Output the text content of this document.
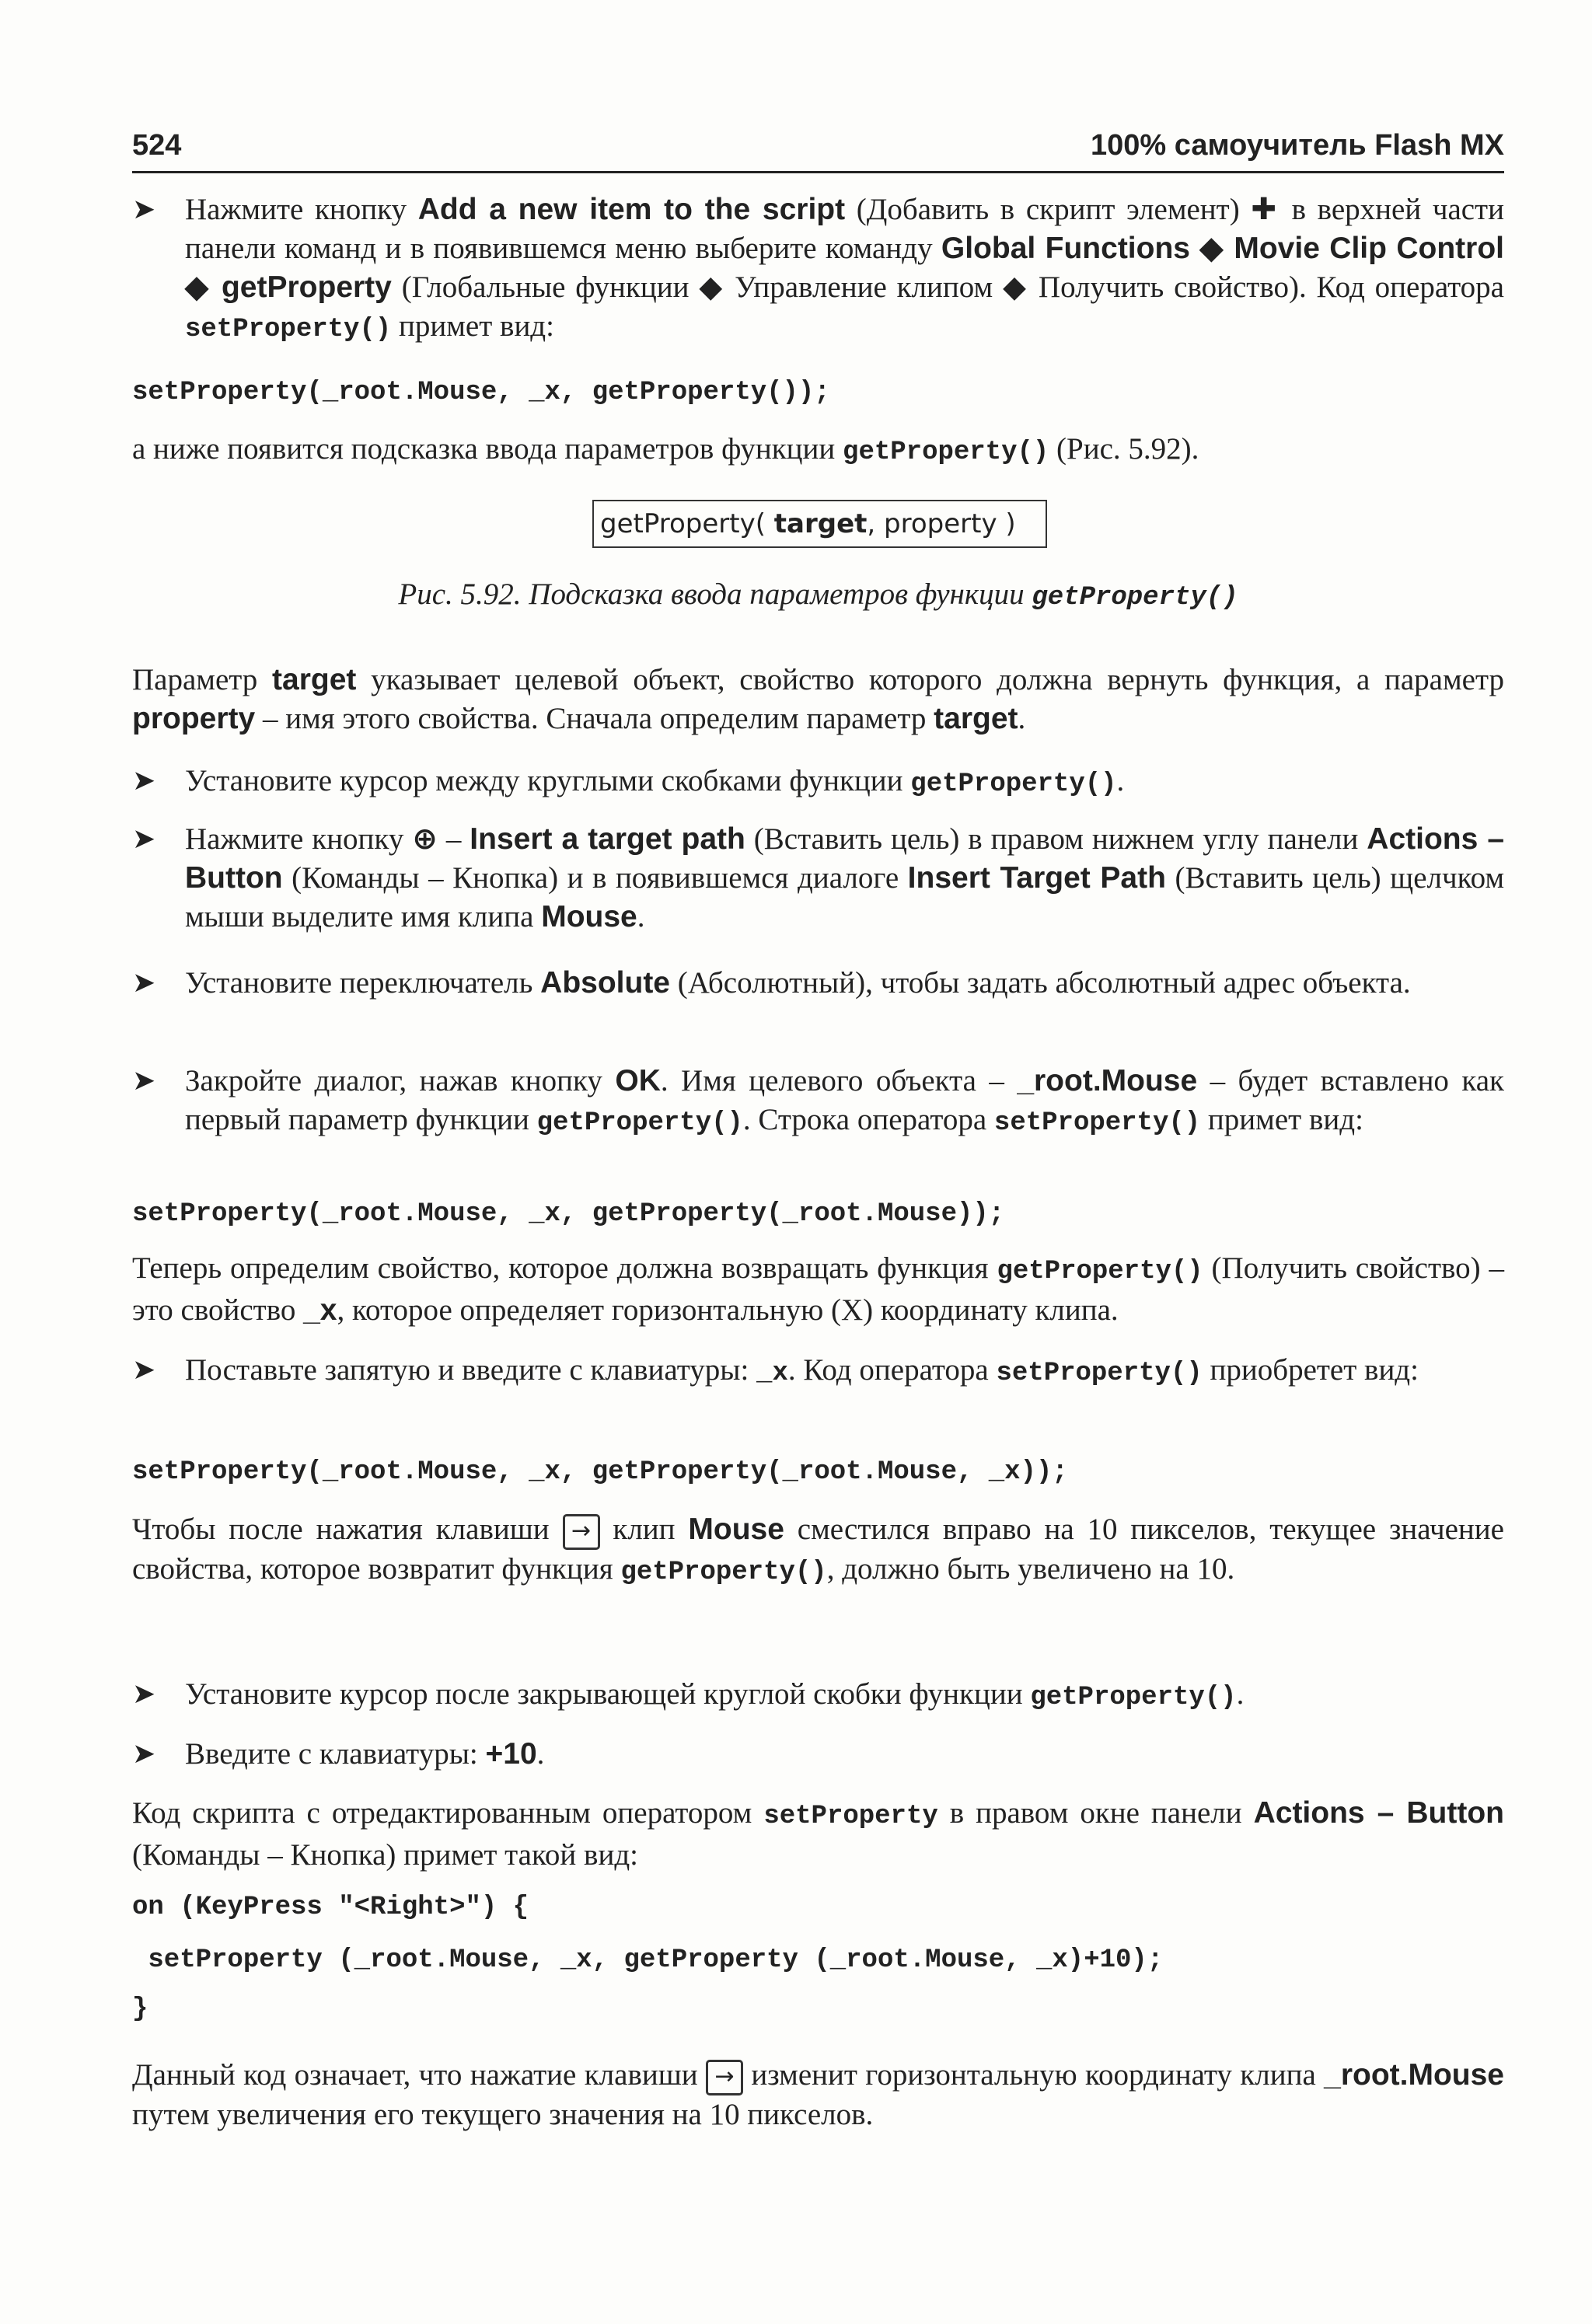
524	100% самоучитель Flash MX
➤ Нажмите кнопку Add a new item to the script (Добавить в скрипт элемент) ✚ в верхней части панели команд и в появившемся меню выберите команду Global Functions ◆ Movie Clip Control ◆ getProperty (Глобальные функции ◆ Управление клипом ◆ Получить свойство). Код оператора setProperty() примет вид:
setProperty(_root.Mouse, _x, getProperty());
а ниже появится подсказка ввода параметров функции getProperty() (Рис. 5.92).
getProperty( target, property )
Рис. 5.92. Подсказка ввода параметров функции getProperty()
Параметр target указывает целевой объект, свойство которого должна вернуть функция, а параметр property – имя этого свойства. Сначала определим параметр target.
➤ Установите курсор между круглыми скобками функции getProperty().
➤ Нажмите кнопку ⊕ – Insert a target path (Вставить цель) в правом нижнем углу панели Actions – Button (Команды – Кнопка) и в появившемся диалоге Insert Target Path (Вставить цель) щелчком мыши выделите имя клипа Mouse.
➤ Установите переключатель Absolute (Абсолютный), чтобы задать абсолютный адрес объекта.
➤ Закройте диалог, нажав кнопку OK. Имя целевого объекта – _root.Mouse – будет вставлено как первый параметр функции getProperty(). Строка оператора setProperty() примет вид:
setProperty(_root.Mouse, _x, getProperty(_root.Mouse));
Теперь определим свойство, которое должна возвращать функция getProperty() (Получить свойство) – это свойство _x, которое определяет горизонтальную (X) координату клипа.
➤ Поставьте запятую и введите с клавиатуры: _x. Код оператора setProperty() приобретет вид:
setProperty(_root.Mouse, _x, getProperty(_root.Mouse, _x));
Чтобы после нажатия клавиши → клип Mouse сместился вправо на 10 пикселов, текущее значение свойства, которое возвратит функция getProperty(), должно быть увеличено на 10.
➤ Установите курсор после закрывающей круглой скобки функции getProperty().
➤ Введите с клавиатуры: +10.
Код скрипта с отредактированным оператором setProperty в правом окне панели Actions – Button (Команды – Кнопка) примет такой вид:
on (KeyPress "<Right>") {
setProperty (_root.Mouse, _x, getProperty (_root.Mouse, _x)+10);
}
Данный код означает, что нажатие клавиши → изменит горизонтальную координату клипа _root.Mouse путем увеличения его текущего значения на 10 пикселов.
